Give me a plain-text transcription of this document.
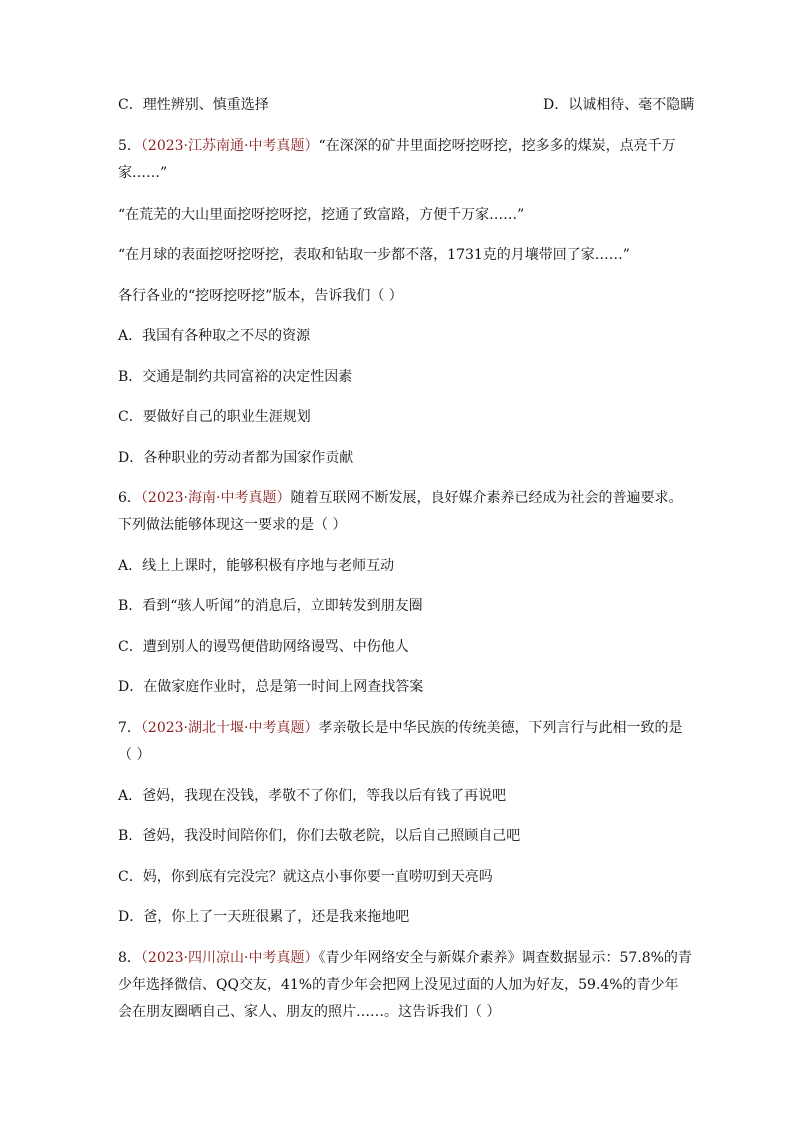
C．理性辨别、慎重选择	D．以诚相待、毫不隐瞒
5．（2023·江苏南通·中考真题）“在深深的矿井里面挖呀挖呀挖，挖多多的煤炭，点亮千万
家……”
“在荒芜的大山里面挖呀挖呀挖，挖通了致富路，方便千万家……”
“在月球的表面挖呀挖呀挖，表取和钻取一步都不落，1731克的月壤带回了家……”
各行各业的“挖呀挖呀挖”版本，告诉我们（ ）
A．我国有各种取之不尽的资源
B．交通是制约共同富裕的决定性因素
C．要做好自己的职业生涯规划
D．各种职业的劳动者都为国家作贡献
6．（2023·海南·中考真题）随着互联网不断发展，良好媒介素养已经成为社会的普遍要求。
下列做法能够体现这一要求的是（ ）
A．线上上课时，能够积极有序地与老师互动
B．看到“骇人听闻”的消息后，立即转发到朋友圈
C．遭到别人的谩骂便借助网络谩骂、中伤他人
D．在做家庭作业时，总是第一时间上网查找答案
7．（2023·湖北十堰·中考真题）孝亲敬长是中华民族的传统美德，下列言行与此相一致的是
（ ）
A．爸妈，我现在没钱，孝敬不了你们，等我以后有钱了再说吧
B．爸妈，我没时间陪你们，你们去敬老院，以后自己照顾自己吧
C．妈，你到底有完没完？就这点小事你要一直唠叨到天亮吗
D．爸，你上了一天班很累了，还是我来拖地吧
8．（2023·四川凉山·中考真题）《青少年网络安全与新媒介素养》调查数据显示：57.8%的青
少年选择微信、QQ交友，41%的青少年会把网上没见过面的人加为好友，59.4%的青少年
会在朋友圈晒自己、家人、朋友的照片……。这告诉我们（ ）
